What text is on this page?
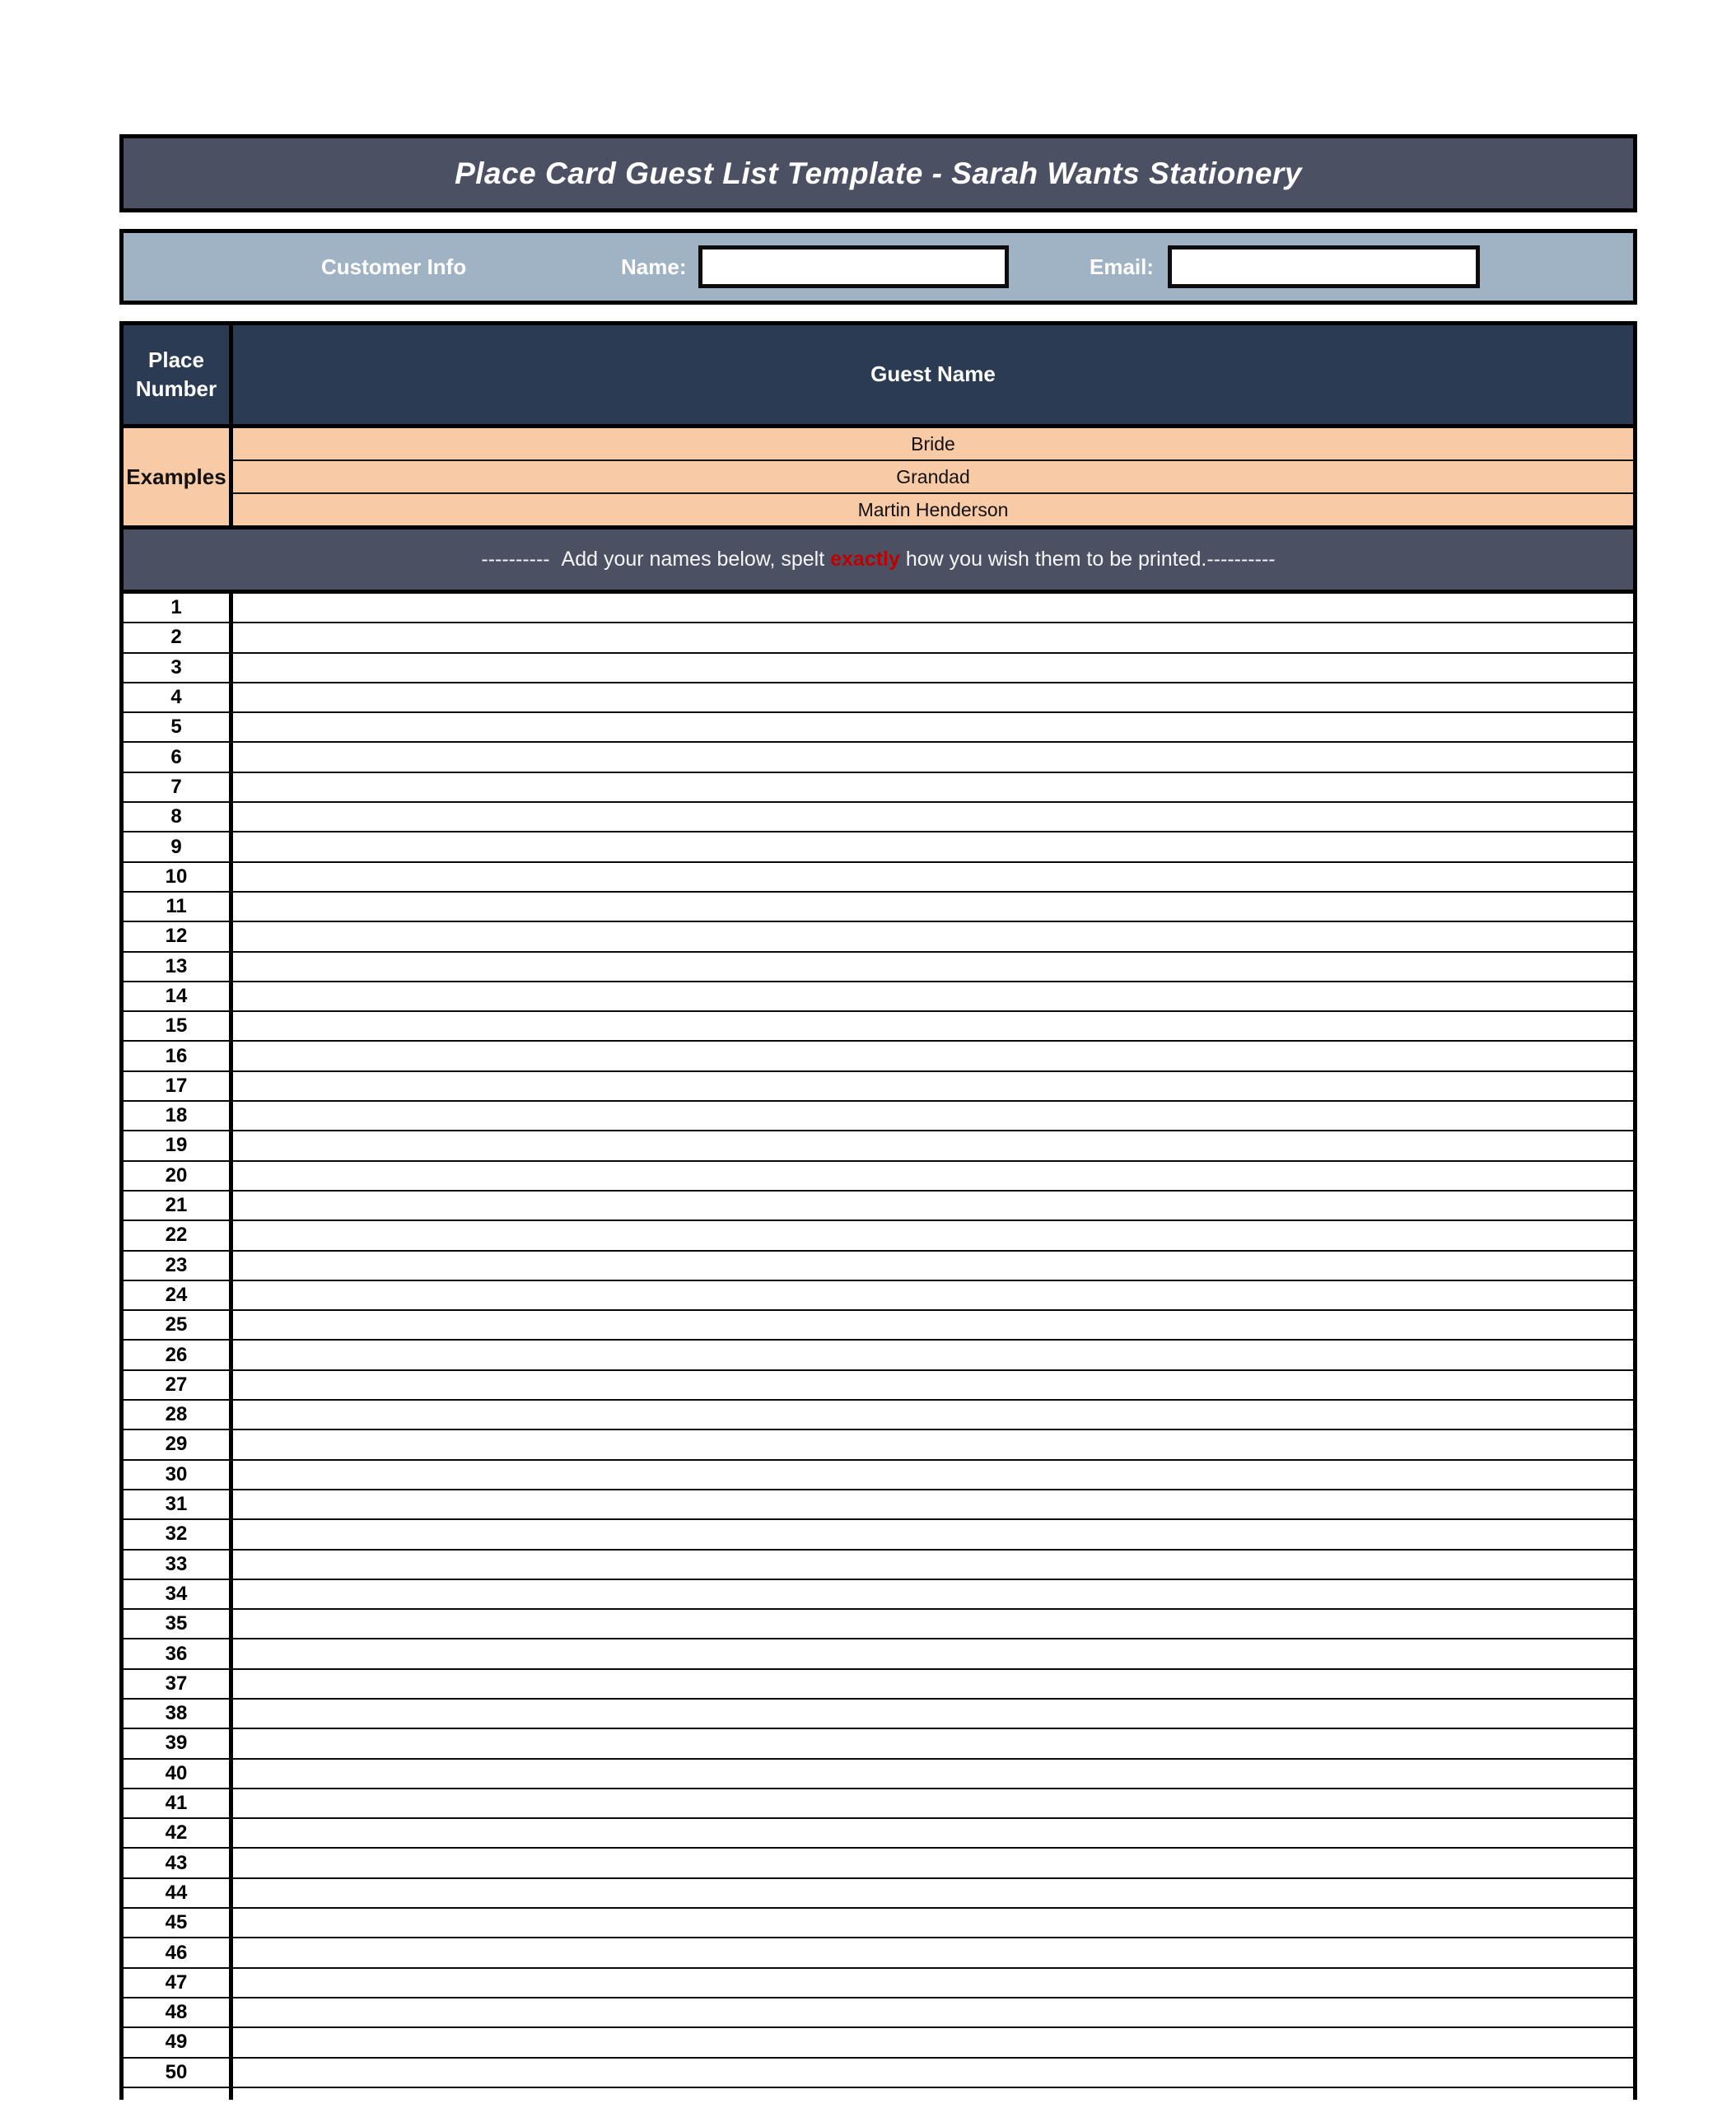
Place Card Guest List Template - Sarah Wants Stationery
Customer Info	Name:	Email:
Place Number
Guest Name
Examples
Bride
Grandad
Martin Henderson
---------- Add your names below, spelt exactly how you wish them to be printed. ----------
1
2
3
4
5
6
7
8
9
10
11
12
13
14
15
16
17
18
19
20
21
22
23
24
25
26
27
28
29
30
31
32
33
34
35
36
37
38
39
40
41
42
43
44
45
46
47
48
49
50
